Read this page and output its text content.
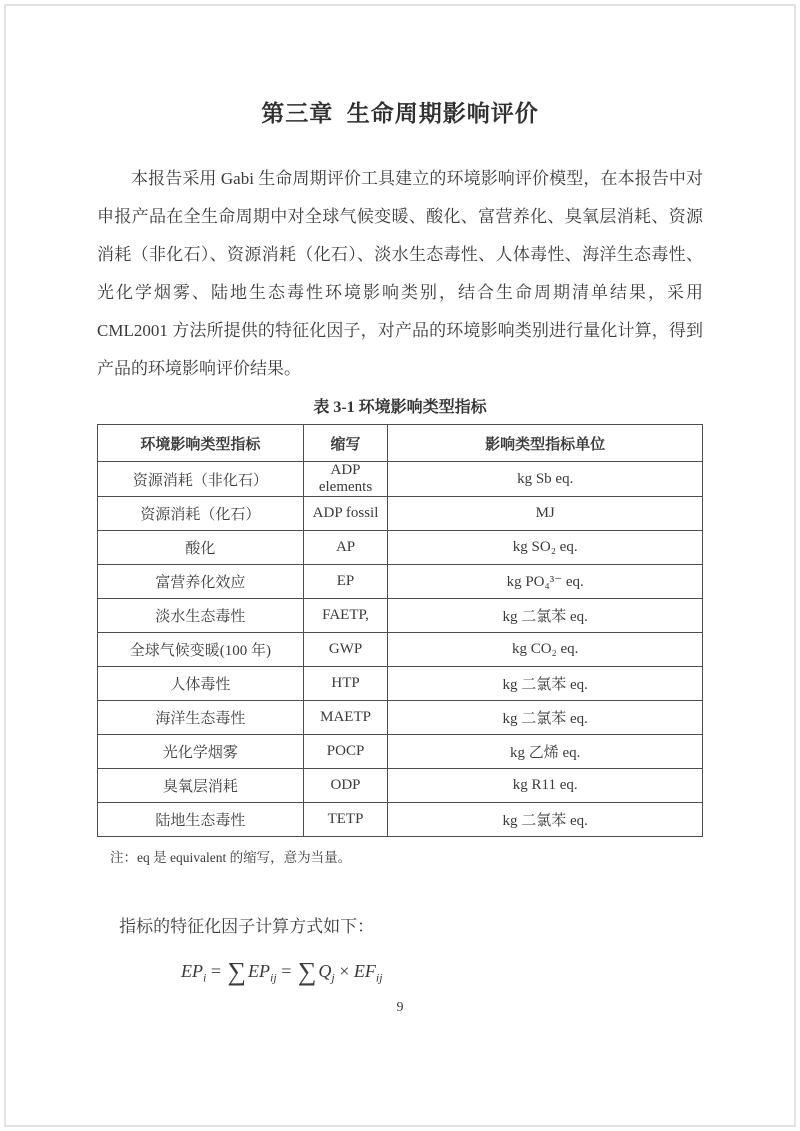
第三章  生命周期影响评价

本报告采用 Gabi 生命周期评价工具建立的环境影响评价模型，在本报告中对申报产品在全生命周期中对全球气候变暖、酸化、富营养化、臭氧层消耗、资源消耗（非化石）、资源消耗（化石）、淡水生态毒性、人体毒性、海洋生态毒性、光化学烟雾、陆地生态毒性环境影响类别，结合生命周期清单结果，采用 CML2001 方法所提供的特征化因子，对产品的环境影响类别进行量化计算，得到产品的环境影响评价结果。

表 3-1 环境影响类型指标
环境影响类型指标	缩写	影响类型指标单位
资源消耗（非化石）	ADP elements	kg Sb eq.
资源消耗（化石）	ADP fossil	MJ
酸化	AP	kg SO₂ eq.
富营养化效应	EP	kg PO₄³⁻ eq.
淡水生态毒性	FAETP,	kg 二氯苯 eq.
全球气候变暖(100 年)	GWP	kg CO₂ eq.
人体毒性	HTP	kg 二氯苯 eq.
海洋生态毒性	MAETP	kg 二氯苯 eq.
光化学烟雾	POCP	kg 乙烯 eq.
臭氧层消耗	ODP	kg R11 eq.
陆地生态毒性	TETP	kg 二氯苯 eq.
注：eq 是 equivalent 的缩写，意为当量。

指标的特征化因子计算方式如下：

$EP_i$ = ∑ $EP_{ij}$ = ∑ $Q_j \times EF_{ij}$
9
